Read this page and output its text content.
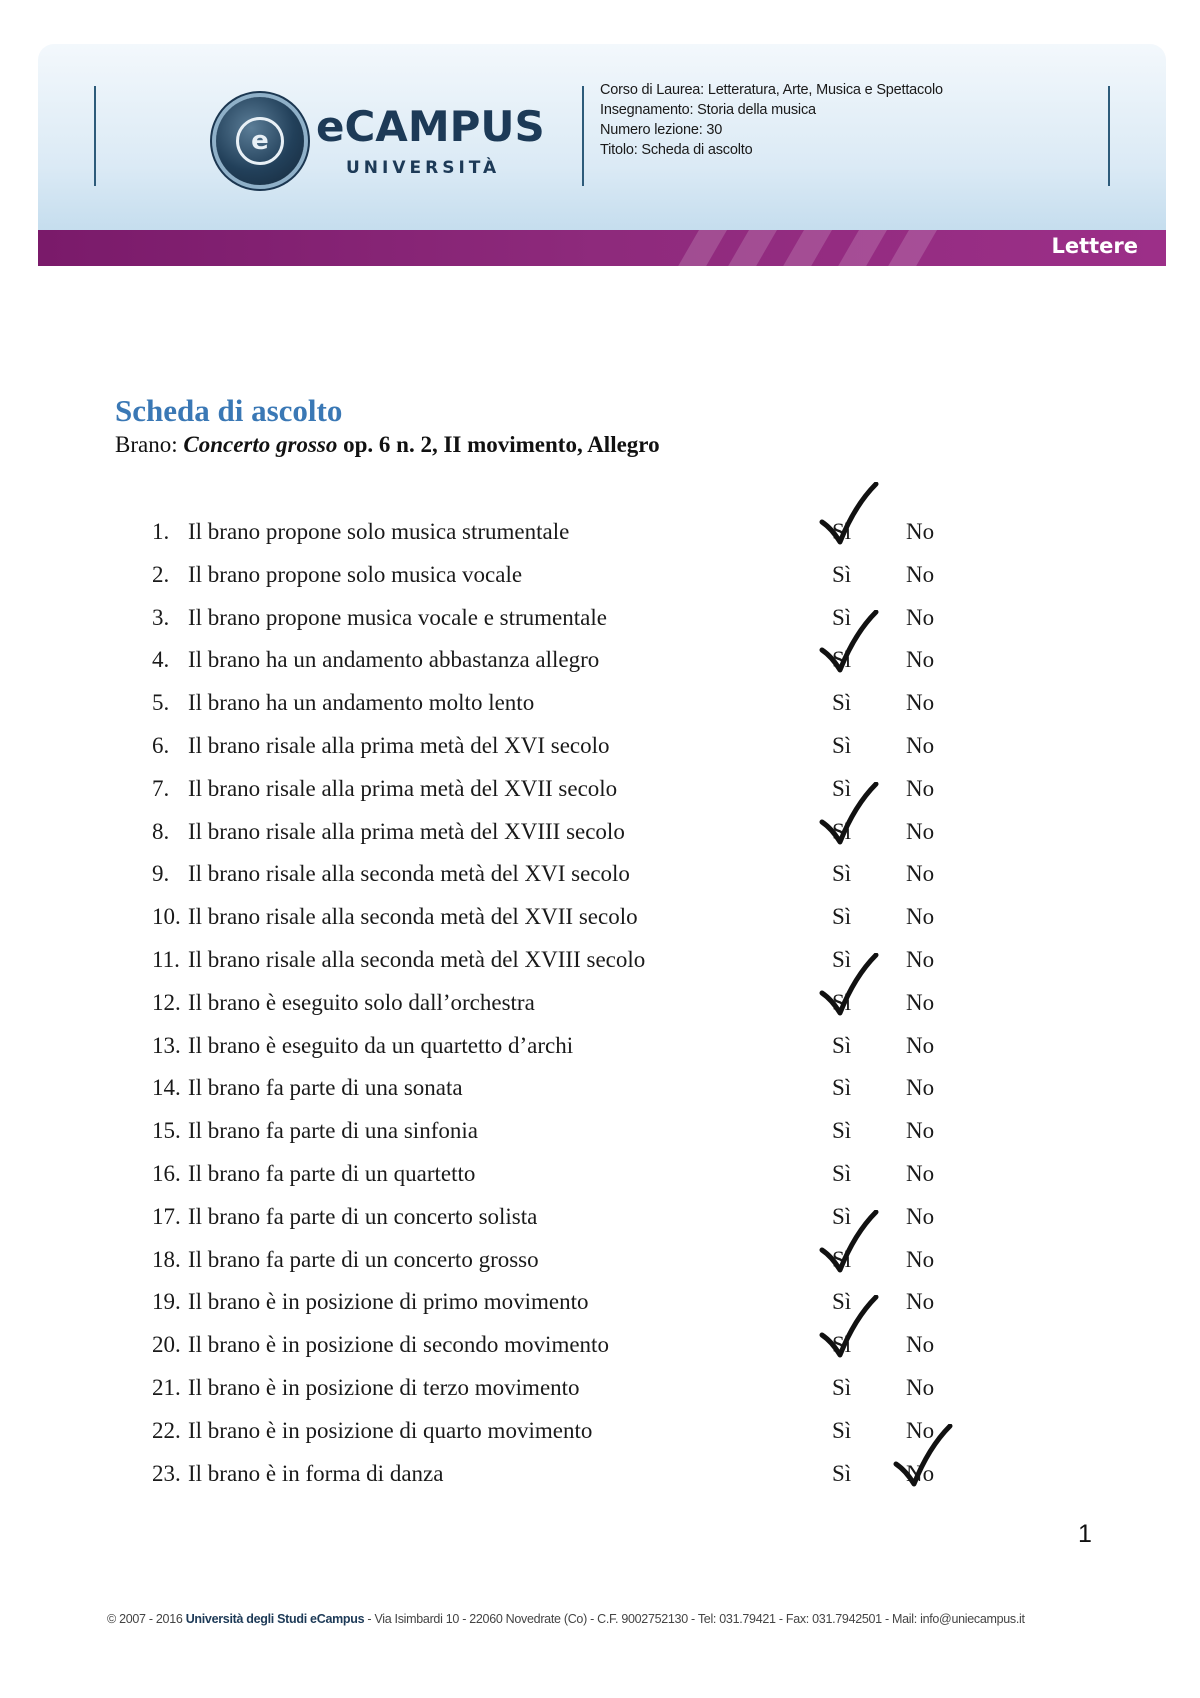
e	eCAMPUS
UNIVERSITÀ
Corso di Laurea: Letteratura, Arte, Musica e Spettacolo
Insegnamento: Storia della musica
Numero lezione: 30
Titolo: Scheda di ascolto
Lettere
Scheda di ascolto
Brano: Concerto grosso op. 6 n. 2, II movimento, Allegro
1. Il brano propone solo musica strumentale	Sì No
2. Il brano propone solo musica vocale	Sì No
3. Il brano propone musica vocale e strumentale	Sì No
4. Il brano ha un andamento abbastanza allegro	Sì No
5. Il brano ha un andamento molto lento	Sì No
6. Il brano risale alla prima metà del XVI secolo	Sì No
7. Il brano risale alla prima metà del XVII secolo	Sì No
8. Il brano risale alla prima metà del XVIII secolo	Sì No
9. Il brano risale alla seconda metà del XVI secolo	Sì No
10. Il brano risale alla seconda metà del XVII secolo	Sì No
11. Il brano risale alla seconda metà del XVIII secolo	Sì No
12. Il brano è eseguito solo dall’orchestra	Sì No
13. Il brano è eseguito da un quartetto d’archi	Sì No
14. Il brano fa parte di una sonata	Sì No
15. Il brano fa parte di una sinfonia	Sì No
16. Il brano fa parte di un quartetto	Sì No
17. Il brano fa parte di un concerto solista	Sì No
18. Il brano fa parte di un concerto grosso	Sì No
19. Il brano è in posizione di primo movimento	Sì No
20. Il brano è in posizione di secondo movimento	Sì No
21. Il brano è in posizione di terzo movimento	Sì No
22. Il brano è in posizione di quarto movimento	Sì No
23. Il brano è in forma di danza	Sì No
1
© 2007 - 2016 Università degli Studi eCampus - Via Isimbardi 10 - 22060 Novedrate (Co) - C.F. 9002752130 - Tel: 031.79421 - Fax: 031.7942501 - Mail: info@uniecampus.it
